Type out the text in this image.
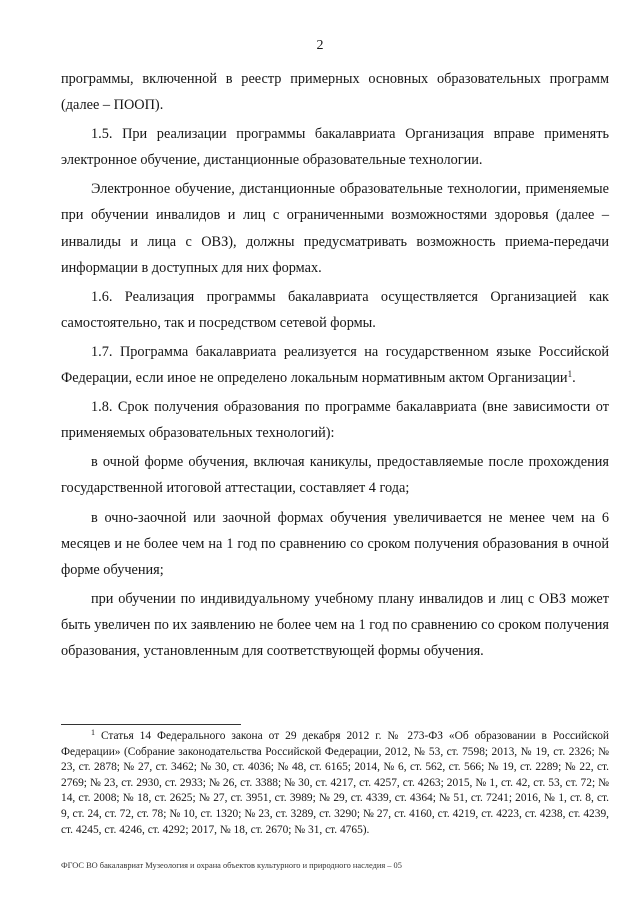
2

программы, включенной в реестр примерных основных образовательных программ (далее – ПООП).

1.5. При реализации программы бакалавриата Организация вправе применять электронное обучение, дистанционные образовательные технологии.

Электронное обучение, дистанционные образовательные технологии, применяемые при обучении инвалидов и лиц с ограниченными возможностями здоровья (далее – инвалиды и лица с ОВЗ), должны предусматривать возможность приема-передачи информации в доступных для них формах.

1.6. Реализация программы бакалавриата осуществляется Организацией как самостоятельно, так и посредством сетевой формы.

1.7. Программа бакалавриата реализуется на государственном языке Российской Федерации, если иное не определено локальным нормативным актом Организации$^1$.

1.8. Срок получения образования по программе бакалавриата (вне зависимости от применяемых образовательных технологий):

в очной форме обучения, включая каникулы, предоставляемые после прохождения государственной итоговой аттестации, составляет 4 года;

в очно-заочной или заочной формах обучения увеличивается не менее чем на 6 месяцев и не более чем на 1 год по сравнению со сроком получения образования в очной форме обучения;

при обучении по индивидуальному учебному плану инвалидов и лиц с ОВЗ может быть увеличен по их заявлению не более чем на 1 год по сравнению со сроком получения образования, установленным для соответствующей формы обучения.

$^1$ Статья 14 Федерального закона от 29 декабря 2012 г. № 273-ФЗ «Об образовании в Российской Федерации» (Собрание законодательства Российской Федерации, 2012, № 53, ст. 7598; 2013, № 19, ст. 2326; № 23, ст. 2878; № 27, ст. 3462; № 30, ст. 4036; № 48, ст. 6165; 2014, № 6, ст. 562, ст. 566; № 19, ст. 2289; № 22, ст. 2769; № 23, ст. 2930, ст. 2933; № 26, ст. 3388; № 30, ст. 4217, ст. 4257, ст. 4263; 2015, № 1, ст. 42, ст. 53, ст. 72; № 14, ст. 2008; № 18, ст. 2625; № 27, ст. 3951, ст. 3989; № 29, ст. 4339, ст. 4364; № 51, ст. 7241; 2016, № 1, ст. 8, ст. 9, ст. 24, ст. 72, ст. 78; № 10, ст. 1320; № 23, ст. 3289, ст. 3290; № 27, ст. 4160, ст. 4219, ст. 4223, ст. 4238, ст. 4239, ст. 4245, ст. 4246, ст. 4292; 2017, № 18, ст. 2670; № 31, ст. 4765).

ФГОС ВО бакалавриат Музеология и охрана объектов культурного и природного наследия – 05
